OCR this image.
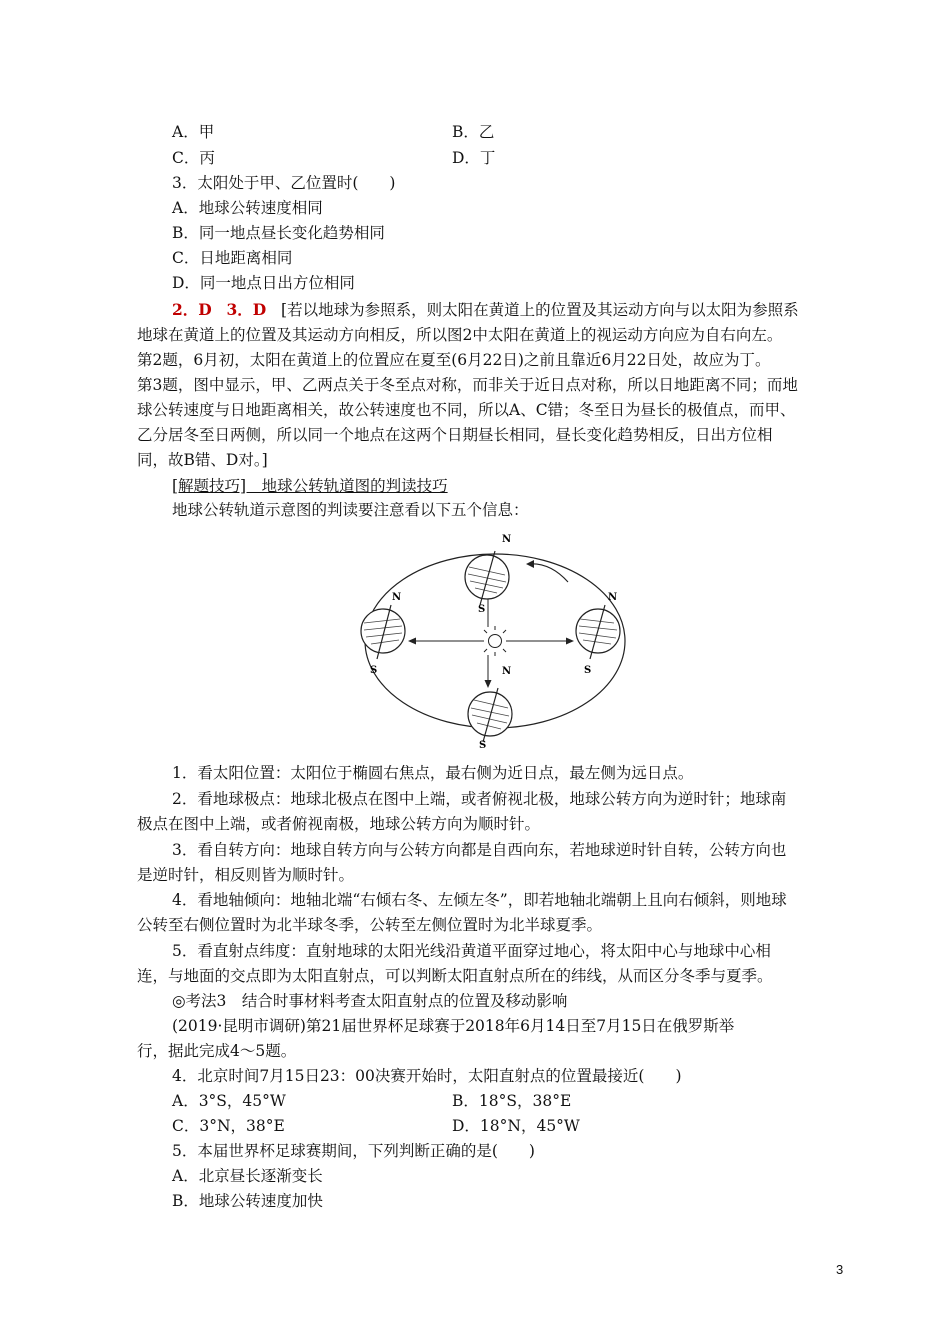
A．甲	B．乙
C．丙	D．丁
3．太阳处于甲、乙位置时(　　)
A．地球公转速度相同
B．同一地点昼长变化趋势相同
C．日地距离相同
D．同一地点日出方位相同
2．D 3．D [若以地球为参照系，则太阳在黄道上的位置及其运动方向与以太阳为参照系
地球在黄道上的位置及其运动方向相反，所以图2中太阳在黄道上的视运动方向应为自右向左。
第2题，6月初，太阳在黄道上的位置应在夏至(6月22日)之前且靠近6月22日处，故应为丁。
第3题，图中显示，甲、乙两点关于冬至点对称，而非关于近日点对称，所以日地距离不同；而地
球公转速度与日地距离相关，故公转速度也不同，所以A、C错；冬至日为昼长的极值点，而甲、
乙分居冬至日两侧，所以同一个地点在这两个日期昼长相同，昼长变化趋势相反，日出方位相
同，故B错、D对。]
[解题技巧]　地球公转轨道图的判读技巧
地球公转轨道示意图的判读要注意看以下五个信息：
N
S
N
S
N
S
N
S
1．看太阳位置：太阳位于椭圆右焦点，最右侧为近日点，最左侧为远日点。
2．看地球极点：地球北极点在图中上端，或者俯视北极，地球公转方向为逆时针；地球南
极点在图中上端，或者俯视南极，地球公转方向为顺时针。
3．看自转方向：地球自转方向与公转方向都是自西向东，若地球逆时针自转，公转方向也
是逆时针，相反则皆为顺时针。
4．看地轴倾向：地轴北端“右倾右冬、左倾左冬”，即若地轴北端朝上且向右倾斜，则地球
公转至右侧位置时为北半球冬季，公转至左侧位置时为北半球夏季。
5．看直射点纬度：直射地球的太阳光线沿黄道平面穿过地心，将太阳中心与地球中心相
连，与地面的交点即为太阳直射点，可以判断太阳直射点所在的纬线，从而区分冬季与夏季。
◎考法3　结合时事材料考查太阳直射点的位置及移动影响
(2019·昆明市调研)第21届世界杯足球赛于2018年6月14日至7月15日在俄罗斯举
行，据此完成4～5题。
4．北京时间7月15日23：00决赛开始时，太阳直射点的位置最接近(　　)
A．3°S，45°W	B．18°S，38°E
C．3°N，38°E	D．18°N，45°W
5．本届世界杯足球赛期间，下列判断正确的是(　　)
A．北京昼长逐渐变长
B．地球公转速度加快
3
